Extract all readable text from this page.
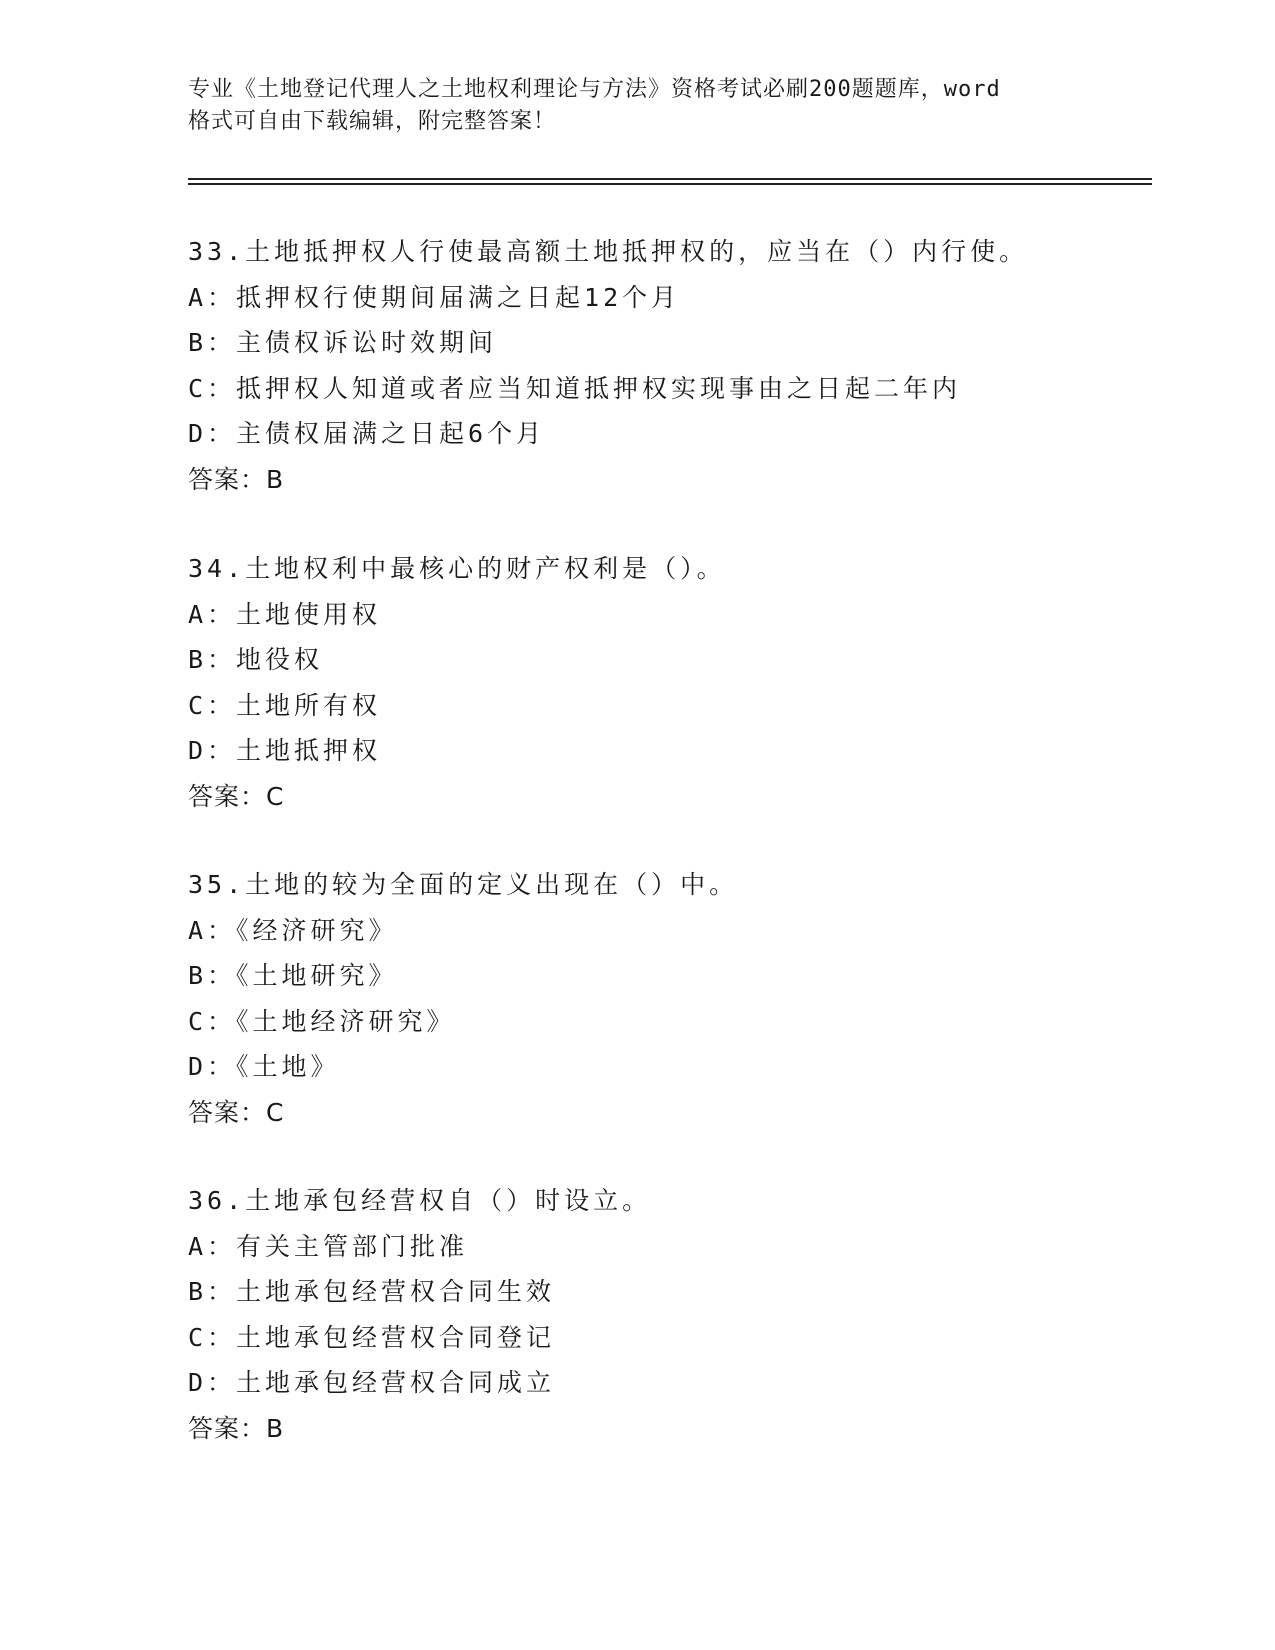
专业《土地登记代理人之土地权利理论与方法》资格考试必刷200题题库，word
格式可自由下载编辑，附完整答案！
33.土地抵押权人行使最高额土地抵押权的，应当在（）内行使。
A：抵押权行使期间届满之日起12个月
B：主债权诉讼时效期间
C：抵押权人知道或者应当知道抵押权实现事由之日起二年内
D：主债权届满之日起6个月
答案：B
34.土地权利中最核心的财产权利是（）。
A：土地使用权
B：地役权
C：土地所有权
D：土地抵押权
答案：C
35.土地的较为全面的定义出现在（）中。
A：《经济研究》
B：《土地研究》
C：《土地经济研究》
D：《土地》
答案：C
36.土地承包经营权自（）时设立。
A：有关主管部门批准
B：土地承包经营权合同生效
C：土地承包经营权合同登记
D：土地承包经营权合同成立
答案：B
